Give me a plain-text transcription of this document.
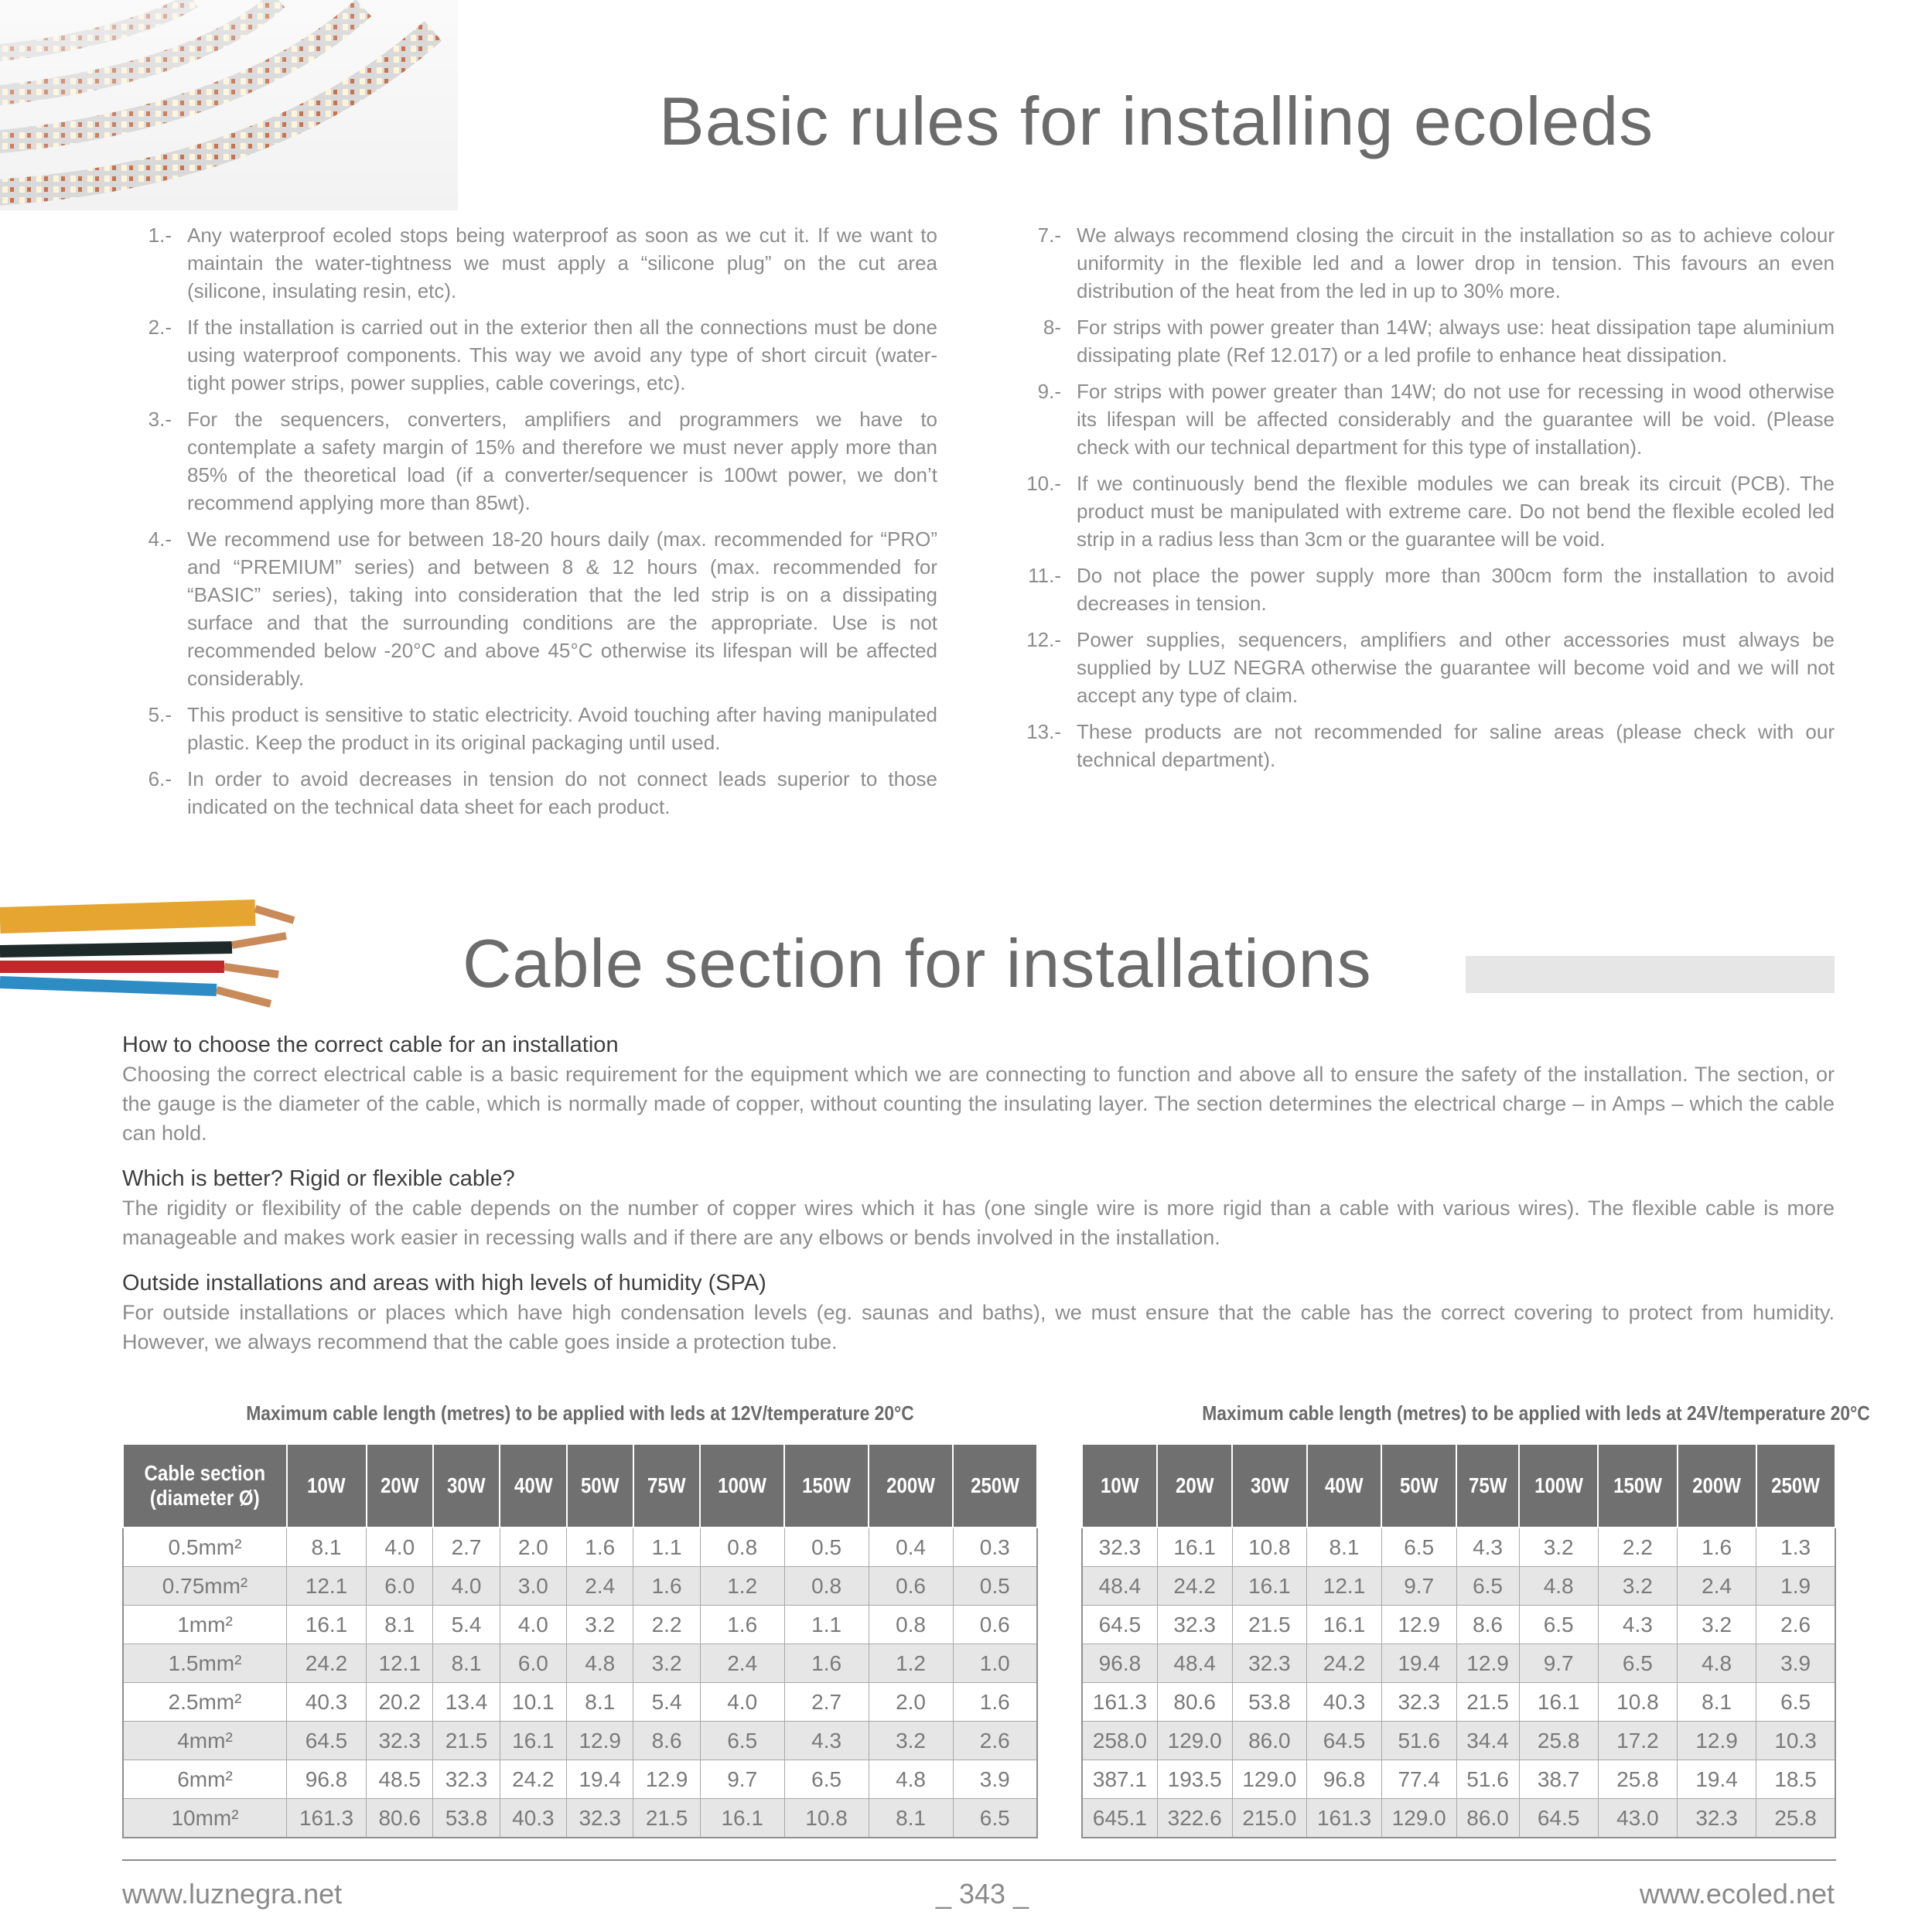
Basic rules for installing ecoleds
1.- Any waterproof ecoled stops being waterproof as soon as we cut it. If we want to maintain the water-tightness we must apply a “silicone plug” on the cut area (silicone, insulating resin, etc).
2.- If the installation is carried out in the exterior then all the connections must be done using waterproof components. This way we avoid any type of short circuit (water-tight power strips, power supplies, cable coverings, etc).
3.- For the sequencers, converters, amplifiers and programmers we have to contemplate a safety margin of 15% and therefore we must never apply more than 85% of the theoretical load (if a converter/sequencer is 100wt power, we don’t recommend applying more than 85wt).
4.- We recommend use for between 18-20 hours daily (max. recommended for “PRO” and “PREMIUM” series) and between 8 & 12 hours (max. recommended for “BASIC” series), taking into consideration that the led strip is on a dissipating surface and that the surrounding conditions are the appropriate. Use is not recommended below -20°C and above 45°C otherwise its lifespan will be affected considerably.
5.- This product is sensitive to static electricity. Avoid touching after having manipulated plastic. Keep the product in its original packaging until used.
6.- In order to avoid decreases in tension do not connect leads superior to those indicated on the technical data sheet for each product.
7.- We always recommend closing the circuit in the installation so as to achieve colour uniformity in the flexible led and a lower drop in tension. This favours an even distribution of the heat from the led in up to 30% more.
8- For strips with power greater than 14W; always use: heat dissipation tape aluminium dissipating plate (Ref 12.017) or a led profile to enhance heat dissipation.
9.- For strips with power greater than 14W; do not use for recessing in wood otherwise its lifespan will be affected considerably and the guarantee will be void. (Please check with our technical department for this type of installation).
10.- If we continuously bend the flexible modules we can break its circuit (PCB). The product must be manipulated with extreme care. Do not bend the flexible ecoled led strip in a radius less than 3cm or the guarantee will be void.
11.- Do not place the power supply more than 300cm form the installation to avoid decreases in tension.
12.- Power supplies, sequencers, amplifiers and other accessories must always be supplied by LUZ NEGRA otherwise the guarantee will become void and we will not accept any type of claim.
13.- These products are not recommended for saline areas (please check with our technical department).
Cable section for installations
How to choose the correct cable for an installation

Choosing the correct electrical cable is a basic requirement for the equipment which we are connecting to function and above all to ensure the safety of the installation. The section, or the gauge is the diameter of the cable, which is normally made of copper, without counting the insulating layer. The section determines the electrical charge – in Amps – which the cable can hold.

Which is better? Rigid or flexible cable?

The rigidity or flexibility of the cable depends on the number of copper wires which it has (one single wire is more rigid than a cable with various wires). The flexible cable is more manageable and makes work easier in recessing walls and if there are any elbows or bends involved in the installation.

Outside installations and areas with high levels of humidity (SPA)

For outside installations or places which have high condensation levels (eg. saunas and baths), we must ensure that the cable has the correct covering to protect from humidity. However, we always recommend that the cable goes inside a protection tube.

Maximum cable length (metres) to be applied with leds at 12V/temperature 20°C	Maximum cable length (metres) to be applied with leds at 24V/temperature 20°C
Cable section (diameter Ø)	10W	20W	30W	40W	50W	75W	100W	150W	200W	250W
0.5mm²	8.1	4.0	2.7	2.0	1.6	1.1	0.8	0.5	0.4	0.3
0.75mm²	12.1	6.0	4.0	3.0	2.4	1.6	1.2	0.8	0.6	0.5
1mm²	16.1	8.1	5.4	4.0	3.2	2.2	1.6	1.1	0.8	0.6
1.5mm²	24.2	12.1	8.1	6.0	4.8	3.2	2.4	1.6	1.2	1.0
2.5mm²	40.3	20.2	13.4	10.1	8.1	5.4	4.0	2.7	2.0	1.6
4mm²	64.5	32.3	21.5	16.1	12.9	8.6	6.5	4.3	3.2	2.6
6mm²	96.8	48.5	32.3	24.2	19.4	12.9	9.7	6.5	4.8	3.9
10mm²	161.3	80.6	53.8	40.3	32.3	21.5	16.1	10.8	8.1	6.5
10W	20W	30W	40W	50W	75W	100W	150W	200W	250W
32.3	16.1	10.8	8.1	6.5	4.3	3.2	2.2	1.6	1.3
48.4	24.2	16.1	12.1	9.7	6.5	4.8	3.2	2.4	1.9
64.5	32.3	21.5	16.1	12.9	8.6	6.5	4.3	3.2	2.6
96.8	48.4	32.3	24.2	19.4	12.9	9.7	6.5	4.8	3.9
161.3	80.6	53.8	40.3	32.3	21.5	16.1	10.8	8.1	6.5
258.0	129.0	86.0	64.5	51.6	34.4	25.8	17.2	12.9	10.3
387.1	193.5	129.0	96.8	77.4	51.6	38.7	25.8	19.4	18.5
645.1	322.6	215.0	161.3	129.0	86.0	64.5	43.0	32.3	25.8
www.luznegra.net	_ 343 _	www.ecoled.net
